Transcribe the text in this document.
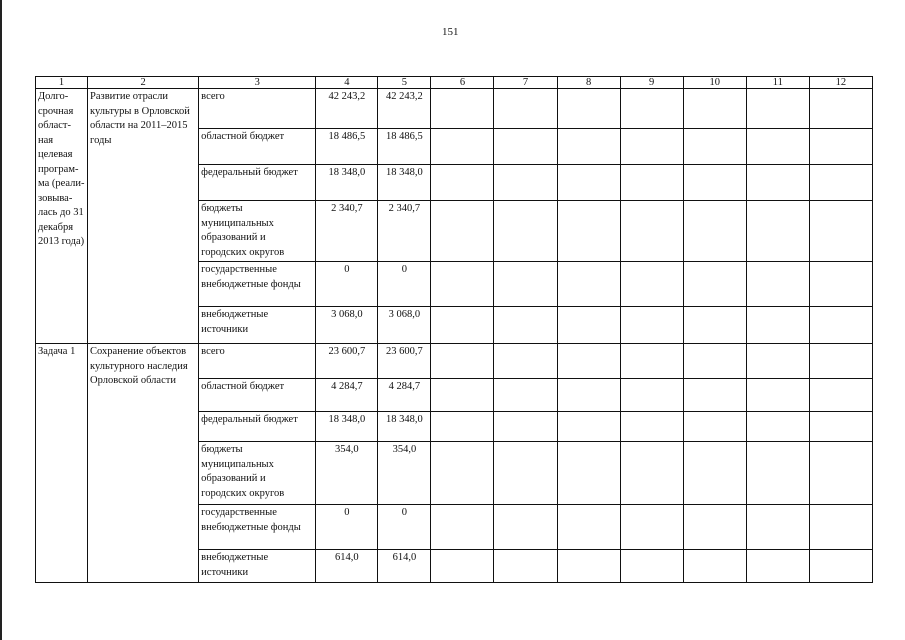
151
1	2	3	4	5	6	7	8	9	10	11	12
Долго-срочная област-ная целевая програм-ма (реали-зовыва-лась до 31 декабря 2013 года)	Развитие отрасли культуры в Орловской области на 2011–2015 годы	всего	42 243,2	42 243,2							
		областной бюджет	18 486,5	18 486,5							
		федеральный бюджет	18 348,0	18 348,0							
		бюджеты муниципальных образований и городских округов	2 340,7	2 340,7							
		государственные внебюджетные фонды	0	0							
		внебюджетные источники	3 068,0	3 068,0							
Задача 1	Сохранение объектов культурного наследия Орловской области	всего	23 600,7	23 600,7							
		областной бюджет	4 284,7	4 284,7							
		федеральный бюджет	18 348,0	18 348,0							
		бюджеты муниципальных образований и городских округов	354,0	354,0							
		государственные внебюджетные фонды	0	0							
		внебюджетные источники	614,0	614,0							
